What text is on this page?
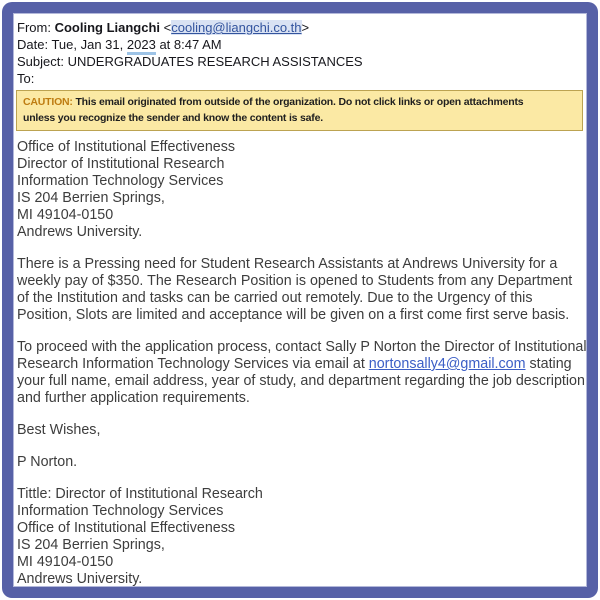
From: Cooling Liangchi <cooling@liangchi.co.th>
Date: Tue, Jan 31, 2023 at 8:47 AM
Subject: UNDERGRADUATES RESEARCH ASSISTANCES
To:
CAUTION: This email originated from outside of the organization. Do not click links or open attachments
unless you recognize the sender and know the content is safe.
Office of Institutional Effectiveness
Director of Institutional Research
Information Technology Services
IS 204 Berrien Springs,
MI 49104-0150
Andrews University.
There is a Pressing need for Student Research Assistants at Andrews University for a
weekly pay of $350. The Research Position is opened to Students from any Department
of the Institution and tasks can be carried out remotely. Due to the Urgency of this
Position, Slots are limited and acceptance will be given on a first come first serve basis.
To proceed with the application process, contact Sally P Norton the Director of Institutional
Research Information Technology Services via email at nortonsally4@gmail.com stating
your full name, email address, year of study, and department regarding the job description
and further application requirements.
Best Wishes,
P Norton.
Tittle: Director of Institutional Research
Information Technology Services
Office of Institutional Effectiveness
IS 204 Berrien Springs,
MI 49104-0150
Andrews University.
